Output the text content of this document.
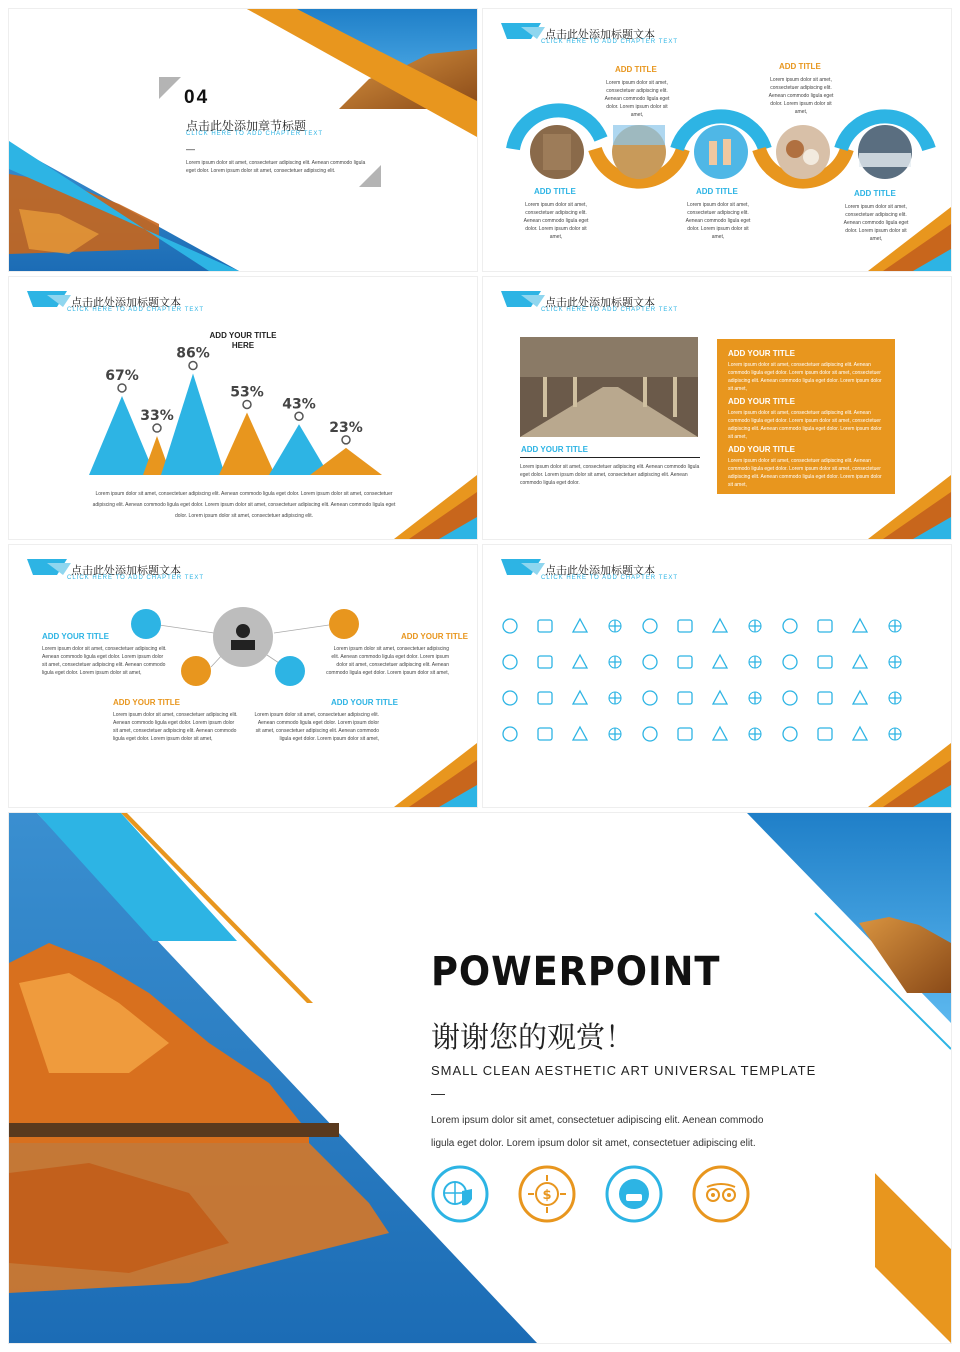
04
点击此处添加章节标题
CLICK HERE TO ADD CHAPTER TEXT
—
Lorem ipsum dolor sit amet, consectetuer adipiscing elit. Aenean commodo ligula eget dolor. Lorem ipsum dolor sit amet, consectetuer adipiscing elit.
点击此处添加标题文本
CLICK HERE TO ADD CHAPTER TEXT
ADD TITLE
Lorem ipsum dolor sit amet, consectetuer adipiscing elit. Aenean commodo ligula eget dolor. Lorem ipsum dolor sit amet,
ADD TITLE
Lorem ipsum dolor sit amet, consectetuer adipiscing elit. Aenean commodo ligula eget dolor. Lorem ipsum dolor sit amet,
ADD TITLE
Lorem ipsum dolor sit amet, consectetuer adipiscing elit. Aenean commodo ligula eget dolor. Lorem ipsum dolor sit amet,
ADD TITLE
Lorem ipsum dolor sit amet, consectetuer adipiscing elit. Aenean commodo ligula eget dolor. Lorem ipsum dolor sit amet,
ADD TITLE
Lorem ipsum dolor sit amet, consectetuer adipiscing elit. Aenean commodo ligula eget dolor. Lorem ipsum dolor sit amet,
点击此处添加标题文本
CLICK HERE TO ADD CHAPTER TEXT
ADD YOUR TITLE HERE
67%
33%
86%
53%
43%
23%
Lorem ipsum dolor sit amet, consectetuer adipiscing elit. Aenean commodo ligula eget dolor. Lorem ipsum dolor sit amet, consectetuer adipiscing elit. Aenean commodo ligula eget dolor. Lorem ipsum dolor sit amet, consectetuer adipiscing elit. Aenean commodo ligula eget dolor. Lorem ipsum dolor sit amet, consectetuer adipiscing elit.
点击此处添加标题文本
CLICK HERE TO ADD CHAPTER TEXT
ADD YOUR TITLE
Lorem ipsum dolor sit amet, consectetuer adipiscing elit. Aenean commodo ligula eget dolor. Lorem ipsum dolor sit amet, consectetuer adipiscing elit. Aenean commodo ligula eget dolor.
ADD YOUR TITLE
Lorem ipsum dolor sit amet, consectetuer adipiscing elit. Aenean commodo ligula eget dolor. Lorem ipsum dolor sit amet, consectetuer adipiscing elit. Aenean commodo ligula eget dolor. Lorem ipsum dolor sit amet,
ADD YOUR TITLE
Lorem ipsum dolor sit amet, consectetuer adipiscing elit. Aenean commodo ligula eget dolor. Lorem ipsum dolor sit amet, consectetuer adipiscing elit. Aenean commodo ligula eget dolor. Lorem ipsum dolor sit amet,
ADD YOUR TITLE
Lorem ipsum dolor sit amet, consectetuer adipiscing elit. Aenean commodo ligula eget dolor. Lorem ipsum dolor sit amet, consectetuer adipiscing elit. Aenean commodo ligula eget dolor. Lorem ipsum dolor sit amet,
点击此处添加标题文本
CLICK HERE TO ADD CHAPTER TEXT
ADD YOUR TITLE
Lorem ipsum dolor sit amet, consectetuer adipiscing elit. Aenean commodo ligula eget dolor. Lorem ipsum dolor sit amet, consectetuer adipiscing elit. Aenean commodo ligula eget dolor. Lorem ipsum dolor sit amet,
ADD YOUR TITLE
Lorem ipsum dolor sit amet, consectetuer adipiscing elit. Aenean commodo ligula eget dolor. Lorem ipsum dolor sit amet, consectetuer adipiscing elit. Aenean commodo ligula eget dolor. Lorem ipsum dolor sit amet,
ADD YOUR TITLE
Lorem ipsum dolor sit amet, consectetuer adipiscing elit. Aenean commodo ligula eget dolor. Lorem ipsum dolor sit amet, consectetuer adipiscing elit. Aenean commodo ligula eget dolor. Lorem ipsum dolor sit amet,
ADD YOUR TITLE
Lorem ipsum dolor sit amet, consectetuer adipiscing elit. Aenean commodo ligula eget dolor. Lorem ipsum dolor sit amet, consectetuer adipiscing elit. Aenean commodo ligula eget dolor. Lorem ipsum dolor sit amet,
点击此处添加标题文本
CLICK HERE TO ADD CHAPTER TEXT
POWERPOINT
谢谢您的观赏！
SMALL CLEAN AESTHETIC ART UNIVERSAL TEMPLATE
—
Lorem ipsum dolor sit amet, consectetuer adipiscing elit. Aenean commodo
ligula eget dolor. Lorem ipsum dolor sit amet, consectetuer adipiscing elit.
$
